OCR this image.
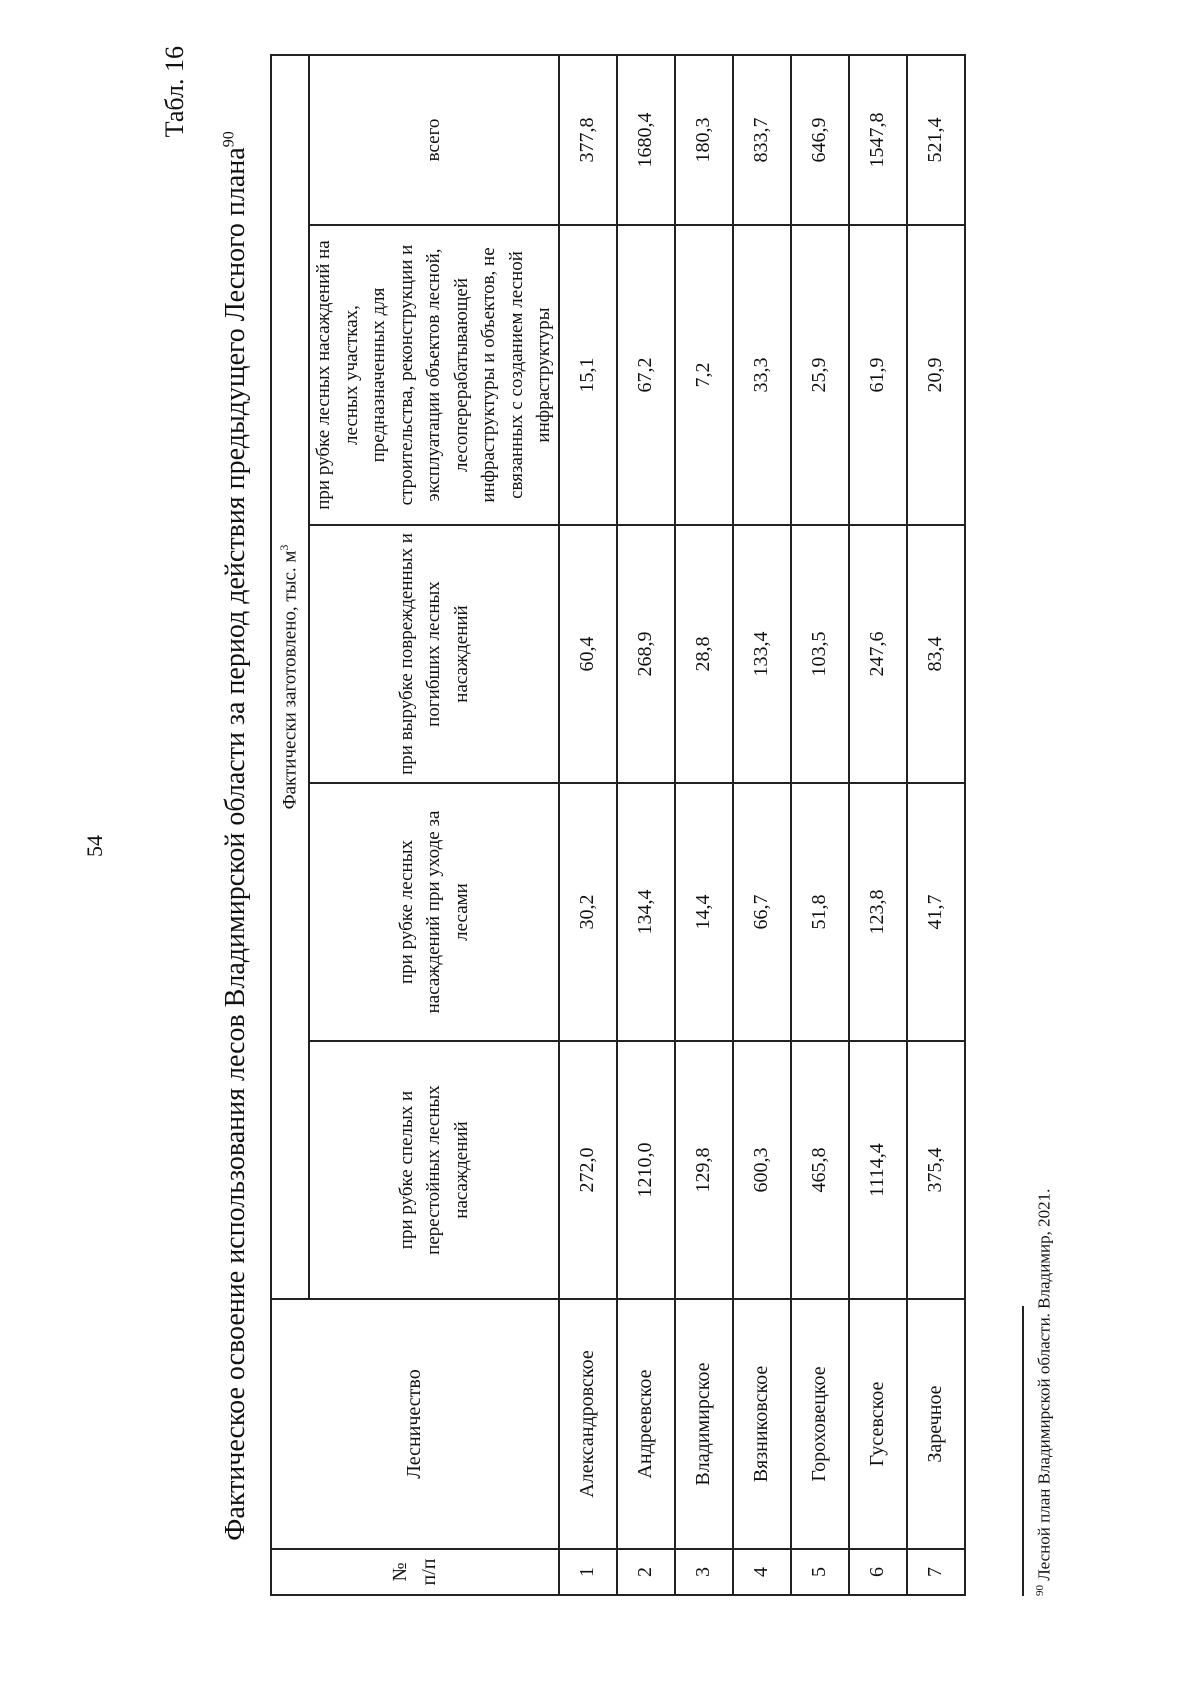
54
Табл. 16
Фактическое освоение использования лесов Владимирской области за период действия предыдущего Лесного плана$^{90}$
№ п/п	Лесничество	Фактически заготовлено, тыс. $м^3$
		при рубке спелых и перестойных лесных насаждений	при рубке лесных насаждений при уходе за лесами	при вырубке поврежденных и погибших лесных насаждений	при рубке лесных насаждений на лесных участках, предназначенных для строительства, реконструкции и эксплуатации объектов лесной, лесоперерабатывающей инфраструктуры и объектов, не связанных с созданием лесной инфраструктуры	всего
1	Александровское	272,0	30,2	60,4	15,1	377,8
2	Андреевское	1210,0	134,4	268,9	67,2	1680,4
3	Владимирское	129,8	14,4	28,8	7,2	180,3
4	Вязниковское	600,3	66,7	133,4	33,3	833,7
5	Гороховецкое	465,8	51,8	103,5	25,9	646,9
6	Гусевское	1114,4	123,8	247,6	61,9	1547,8
7	Заречное	375,4	41,7	83,4	20,9	521,4
$^{90}$ Лесной план Владимирской области. Владимир, 2021.
